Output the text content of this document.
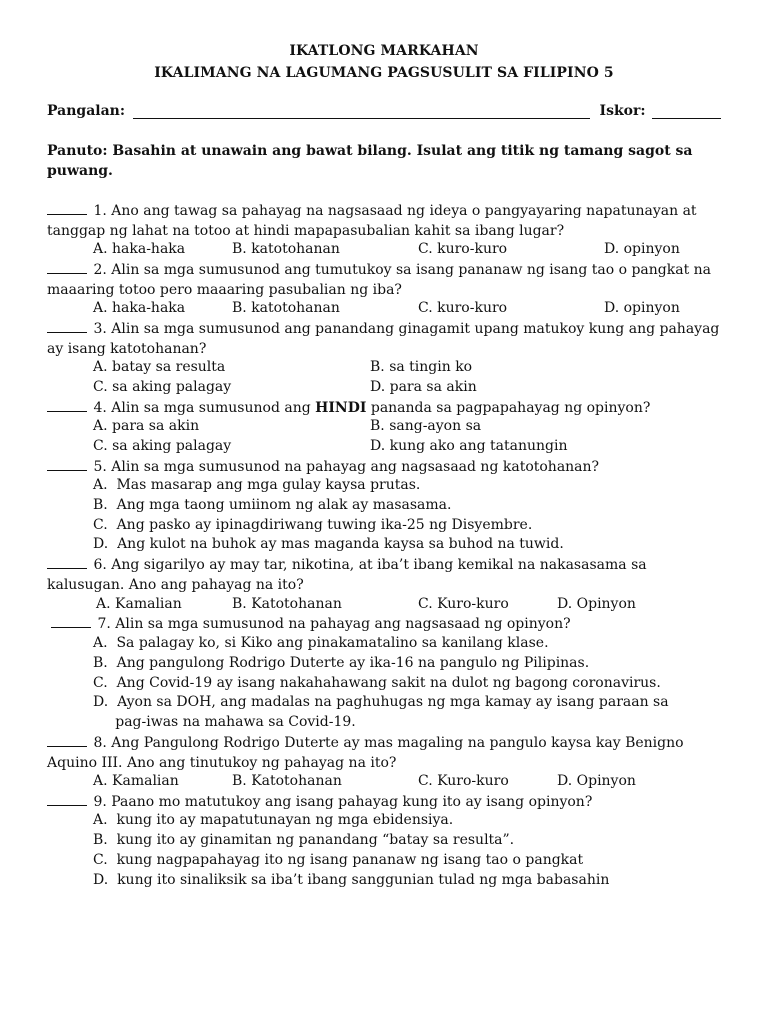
IKATLONG MARKAHAN
IKALIMANG NA LAGUMANG PAGSUSULIT SA FILIPINO 5
Pangalan:	Iskor:
Panuto: Basahin at unawain ang bawat bilang. Isulat ang titik ng tamang sagot sa puwang.
1. Ano ang tawag sa pahayag na nagsasaad ng ideya o pangyayaring napatunayan at tanggap ng lahat na totoo at hindi mapapasubalian kahit sa ibang lugar?
A. haka-haka	B. katotohanan	C. kuro-kuro	D. opinyon
2. Alin sa mga sumusunod ang tumutukoy sa isang pananaw ng isang tao o pangkat na maaaring totoo pero maaaring pasubalian ng iba?
A. haka-haka	B. katotohanan	C. kuro-kuro	D. opinyon
3. Alin sa mga sumusunod ang panandang ginagamit upang matukoy kung ang pahayag ay isang katotohanan?
A. batay sa resulta	B. sa tingin ko
C. sa aking palagay	D. para sa akin
4. Alin sa mga sumusunod ang HINDI pananda sa pagpapahayag ng opinyon?
A. para sa akin	B. sang-ayon sa
C. sa aking palagay	D. kung ako ang tatanungin
5. Alin sa mga sumusunod na pahayag ang nagsasaad ng katotohanan?
A.  Mas masarap ang mga gulay kaysa prutas.
B.  Ang mga taong umiinom ng alak ay masasama.
C.  Ang pasko ay ipinagdiriwang tuwing ika-25 ng Disyembre.
D.  Ang kulot na buhok ay mas maganda kaysa sa buhod na tuwid.
6. Ang sigarilyo ay may tar, nikotina, at iba’t ibang kemikal na nakasasama sa kalusugan. Ano ang pahayag na ito?
A. Kamalian	B. Katotohanan	C. Kuro-kuro	D. Opinyon
7. Alin sa mga sumusunod na pahayag ang nagsasaad ng opinyon?
A.  Sa palagay ko, si Kiko ang pinakamatalino sa kanilang klase.
B.  Ang pangulong Rodrigo Duterte ay ika-16 na pangulo ng Pilipinas.
C.  Ang Covid-19 ay isang nakahahawang sakit na dulot ng bagong coronavirus.
D.  Ayon sa DOH, ang madalas na paghuhugas ng mga kamay ay isang paraan sa
pag-iwas na mahawa sa Covid-19.
8. Ang Pangulong Rodrigo Duterte ay mas magaling na pangulo kaysa kay Benigno Aquino III. Ano ang tinutukoy ng pahayag na ito?
A. Kamalian	B. Katotohanan	C. Kuro-kuro	D. Opinyon
9. Paano mo matutukoy ang isang pahayag kung ito ay isang opinyon?
A.  kung ito ay mapatutunayan ng mga ebidensiya.
B.  kung ito ay ginamitan ng panandang “batay sa resulta”.
C.  kung nagpapahayag ito ng isang pananaw ng isang tao o pangkat
D.  kung ito sinaliksik sa iba’t ibang sanggunian tulad ng mga babasahin
